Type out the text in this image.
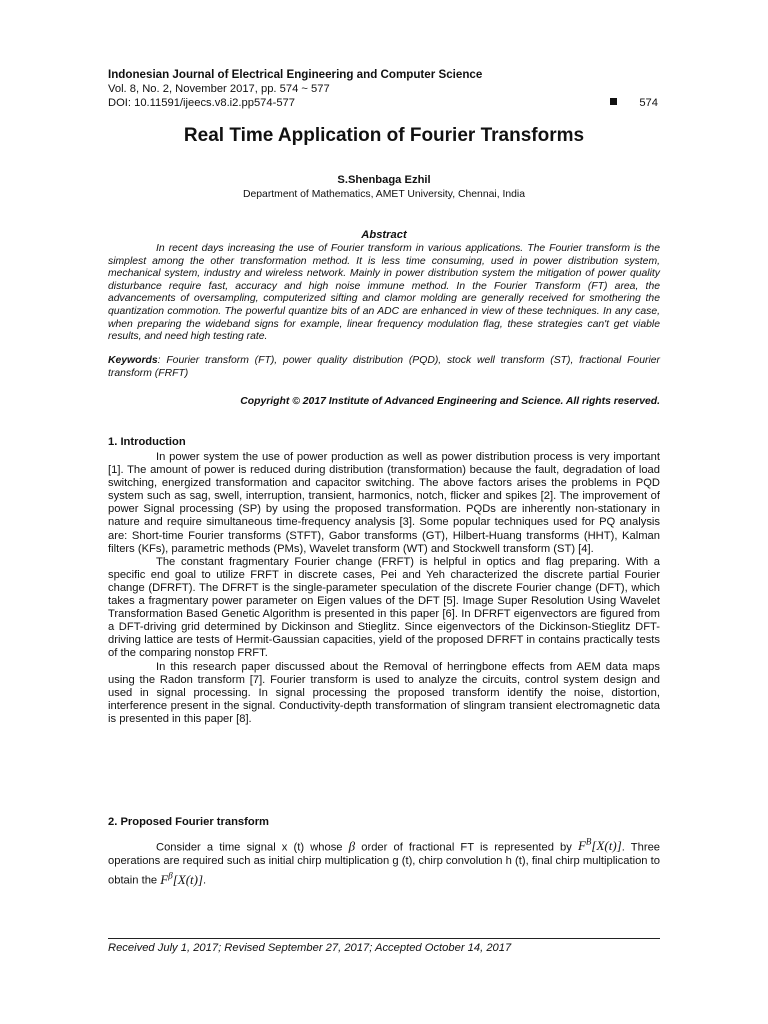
Indonesian Journal of Electrical Engineering and Computer Science
Vol. 8, No. 2, November 2017, pp. 574 ~ 577
DOI: 10.11591/ijeecs.v8.i2.pp574-577	574
Real Time Application of Fourier Transforms
S.Shenbaga Ezhil
Department of Mathematics, AMET University, Chennai, India
Abstract

In recent days increasing the use of Fourier transform in various applications. The Fourier transform is the simplest among the other transformation method. It is less time consuming, used in power distribution system, mechanical system, industry and wireless network. Mainly in power distribution system the mitigation of power quality disturbance require fast, accuracy and high noise immune method. In the Fourier Transform (FT) area, the advancements of oversampling, computerized sifting and clamor molding are generally received for smothering the quantization commotion. The powerful quantize bits of an ADC are enhanced in view of these techniques. In any case, when preparing the wideband signs for example, linear frequency modulation flag, these strategies can't get viable results, and need high testing rate.

Keywords: Fourier transform (FT), power quality distribution (PQD), stock well transform (ST), fractional Fourier transform (FRFT)

Copyright © 2017 Institute of Advanced Engineering and Science. All rights reserved.
1. Introduction

In power system the use of power production as well as power distribution process is very important [1]. The amount of power is reduced during distribution (transformation) because the fault, degradation of load switching, energized transformation and capacitor switching. The above factors arises the problems in PQD system such as sag, swell, interruption, transient, harmonics, notch, flicker and spikes [2]. The improvement of power Signal processing (SP) by using the proposed transformation. PQDs are inherently non-stationary in nature and require simultaneous time-frequency analysis [3]. Some popular techniques used for PQ analysis are: Short-time Fourier transforms (STFT), Gabor transforms (GT), Hilbert-Huang transforms (HHT), Kalman filters (KFs), parametric methods (PMs), Wavelet transform (WT) and Stockwell transform (ST) [4].

The constant fragmentary Fourier change (FRFT) is helpful in optics and flag preparing. With a specific end goal to utilize FRFT in discrete cases, Pei and Yeh characterized the discrete partial Fourier change (DFRFT). The DFRFT is the single-parameter speculation of the discrete Fourier change (DFT), which takes a fragmentary power parameter on Eigen values of the DFT [5]. Image Super Resolution Using Wavelet Transformation Based Genetic Algorithm is presented in this paper [6]. In DFRFT eigenvectors are figured from a DFT-driving grid determined by Dickinson and Stieglitz. Since eigenvectors of the Dickinson-Stieglitz DFT-driving lattice are tests of Hermit-Gaussian capacities, yield of the proposed DFRFT in contains practically tests of the comparing nonstop FRFT.

In this research paper discussed about the Removal of herringbone effects from AEM data maps using the Radon transform [7]. Fourier transform is used to analyze the circuits, control system design and used in signal processing. In signal processing the proposed transform identify the noise, distortion, interference present in the signal. Conductivity-depth transformation of slingram transient electromagnetic data is presented in this paper [8].

2. Proposed Fourier transform

Consider a time signal x (t) whose β order of fractional FT is represented by $F^B[X(t)]$. Three operations are required such as initial chirp multiplication g (t), chirp convolution h (t), final chirp multiplication to obtain the $F^\beta[X(t)]$.

Received July 1, 2017; Revised September 27, 2017; Accepted October 14, 2017
